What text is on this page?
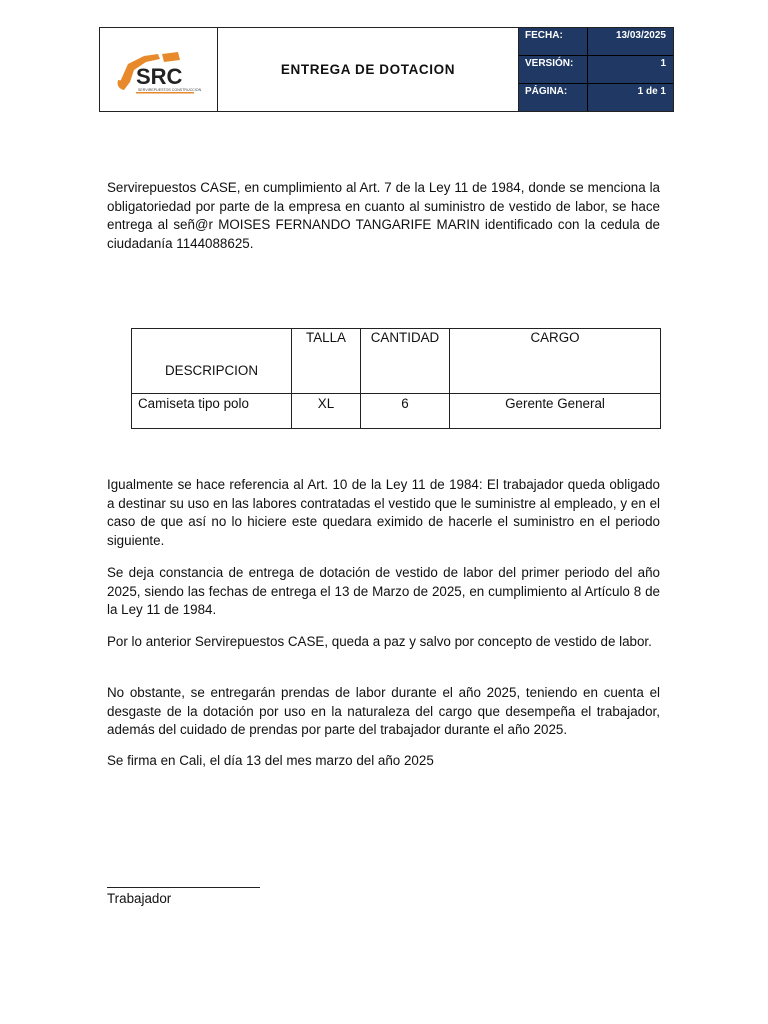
SRC
SERVIREPUESTOS CONSTRUCCION
ENTREGA DE DOTACION
FECHA:	13/03/2025
VERSIÓN:	1
PÁGINA:	1 de 1

Servirepuestos CASE, en cumplimiento al Art. 7 de la Ley 11 de 1984, donde se menciona la obligatoriedad por parte de la empresa en cuanto al suministro de vestido de labor, se hace entrega al señ@r MOISES FERNANDO TANGARIFE MARIN identificado con la cedula de ciudadanía 1144088625.

DESCRIPCION	TALLA	CANTIDAD	CARGO
Camiseta tipo polo	XL	6	Gerente General

Igualmente se hace referencia al Art. 10 de la Ley 11 de 1984: El trabajador queda obligado a destinar su uso en las labores contratadas el vestido que le suministre al empleado, y en el caso de que así no lo hiciere este quedara eximido de hacerle el suministro en el periodo siguiente.

Se deja constancia de entrega de dotación de vestido de labor del primer periodo del año 2025, siendo las fechas de entrega el 13 de Marzo de 2025, en cumplimiento al Artículo 8 de la Ley 11 de 1984.

Por lo anterior Servirepuestos CASE, queda a paz y salvo por concepto de vestido de labor.

No obstante, se entregarán prendas de labor durante el año 2025, teniendo en cuenta el desgaste de la dotación por uso en la naturaleza del cargo que desempeña el trabajador, además del cuidado de prendas por parte del trabajador durante el año 2025.

Se firma en Cali, el día 13 del mes marzo del año 2025

Trabajador
